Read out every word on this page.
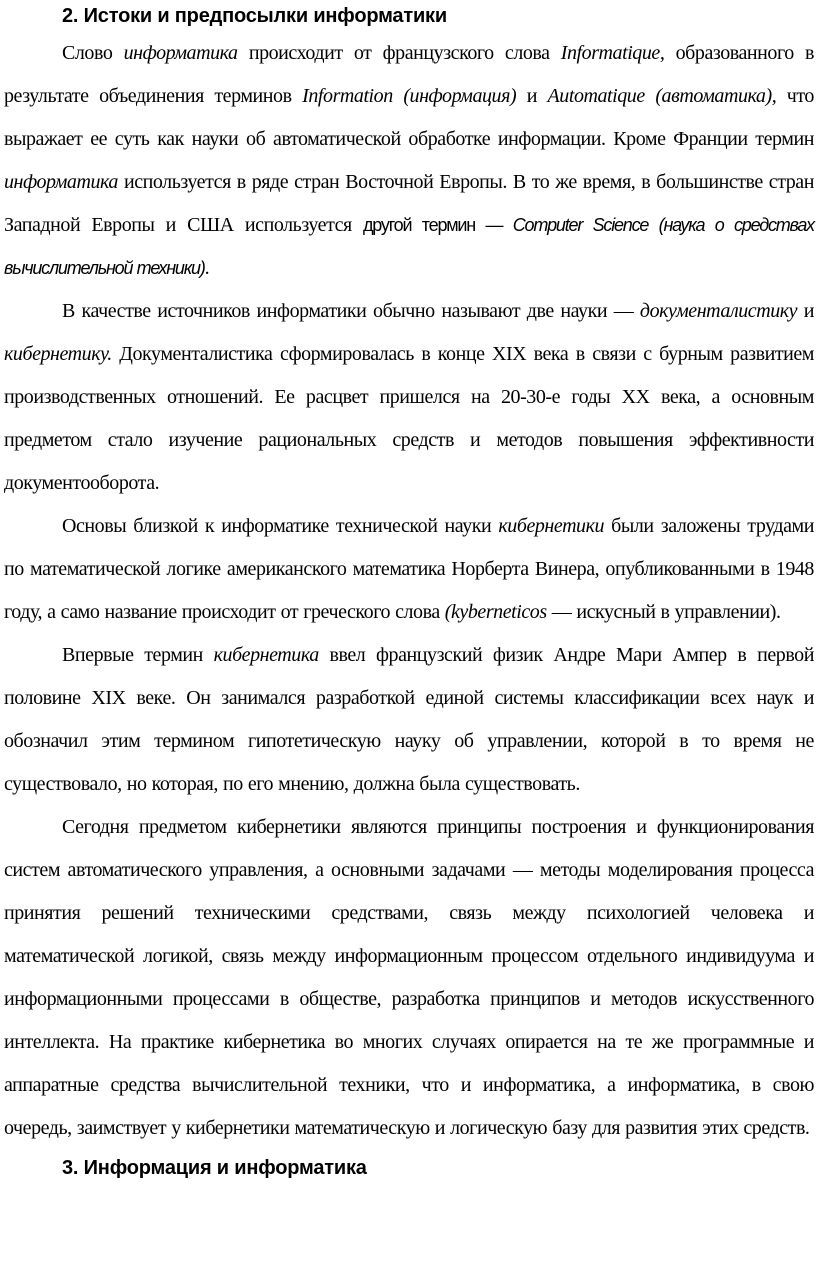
2. Истоки и предпосылки информатики

Слово информатика происходит от французского слова Informatique, образованного в результате объединения терминов Information (информация) и Automatique (автоматика), что выражает ее суть как науки об автоматической обработке информации. Кроме Франции термин информатика используется в ряде стран Восточной Европы. В то же время, в большинстве стран Западной Европы и США используется другой термин — Computer Science (наука о средствах вычислительной техники).

В качестве источников информатики обычно называют две науки — документалистику и кибернетику. Документалистика сформировалась в конце XIX века в связи с бурным развитием производственных отношений. Ее расцвет пришелся на 20-30-е годы XX века, а основным предметом стало изучение рациональных средств и методов повышения эффективности документооборота.

Основы близкой к информатике технической науки кибернетики были заложены трудами по математической логике американского математика Норберта Винера, опубликованными в 1948 году, а само название происходит от греческого слова (kyberneticos — искусный в управлении).

Впервые термин кибернетика ввел французский физик Андре Мари Ампер в первой половине XIX веке. Он занимался разработкой единой системы классификации всех наук и обозначил этим термином гипотетическую науку об управлении, которой в то время не существовало, но которая, по его мнению, должна была существовать.

Сегодня предметом кибернетики являются принципы построения и функционирования систем автоматического управления, а основными задачами — методы моделирования процесса принятия решений техническими средствами, связь между психологией человека и математической логикой, связь между информационным процессом отдельного индивидуума и информационными процессами в обществе, разработка принципов и методов искусственного интеллекта. На практике кибернетика во многих случаях опирается на те же программные и аппаратные средства вычислительной техники, что и информатика, а информатика, в свою очередь, заимствует у кибернетики математическую и логическую базу для развития этих средств.

3. Информация и информатика
